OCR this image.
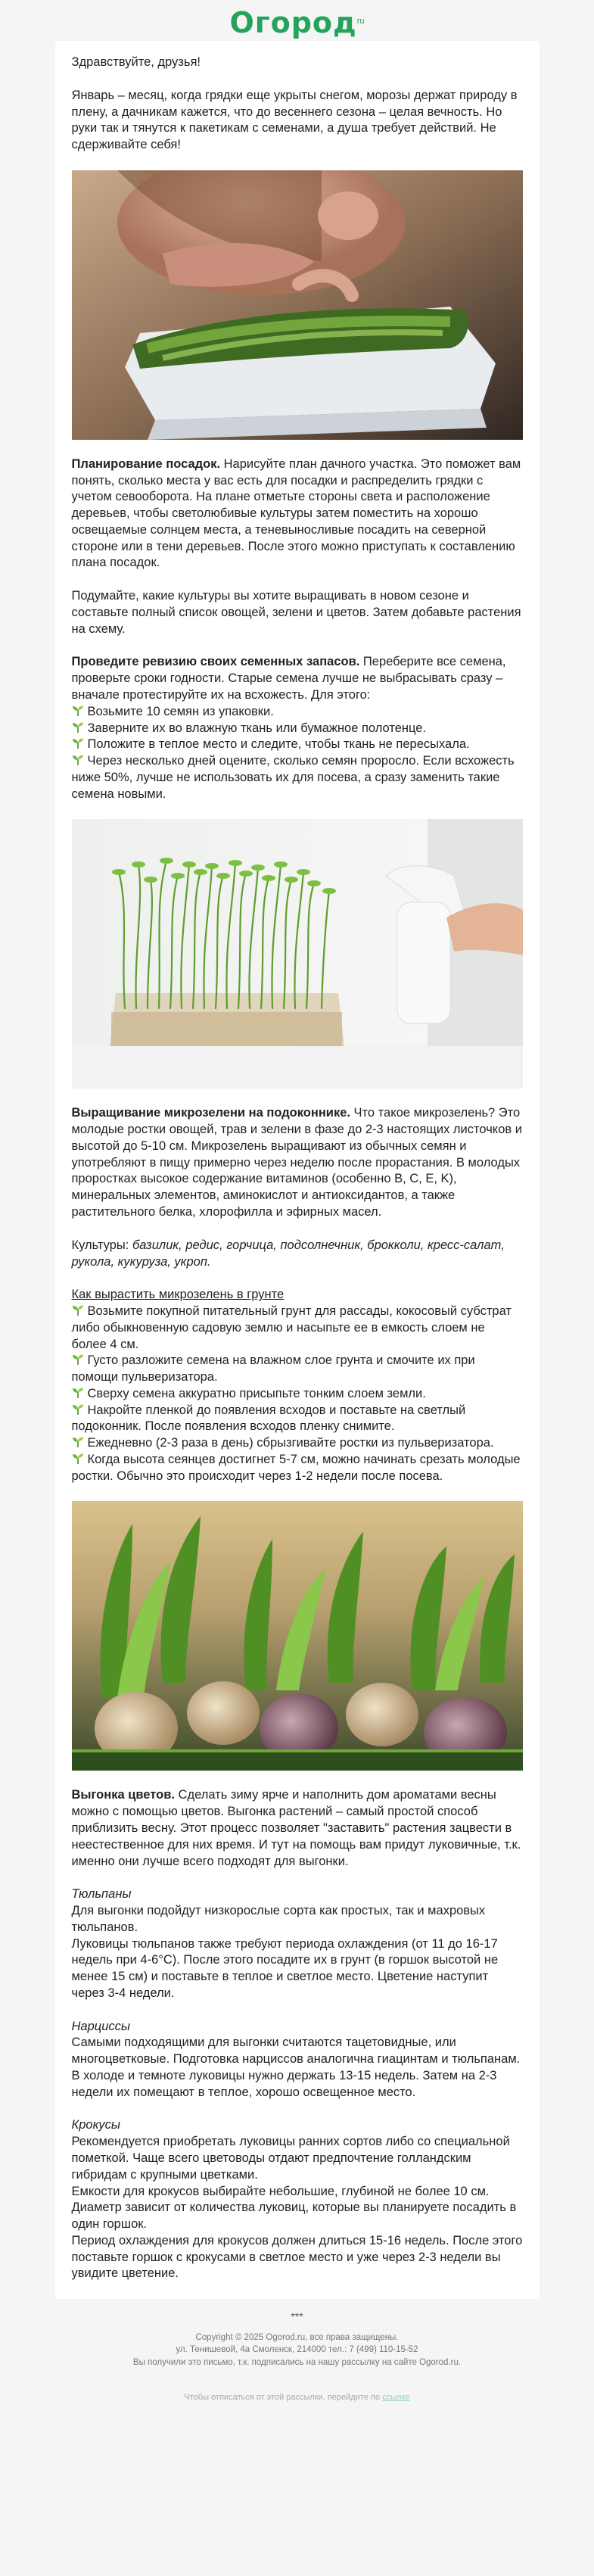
Огород$^{ru}$

Здравствуйте, друзья!

Январь – месяц, когда грядки еще укрыты снегом, морозы держат природу в плену, а дачникам кажется, что до весеннего сезона – целая вечность. Но руки так и тянутся к пакетикам с семенами, а душа требует действий. Не сдерживайте себя!

Планирование посадок. Нарисуйте план дачного участка. Это поможет вам понять, сколько места у вас есть для посадки и распределить грядки с учетом севооборота. На плане отметьте стороны света и расположение деревьев, чтобы светолюбивые культуры затем поместить на хорошо освещаемые солнцем места, а теневыносливые посадить на северной стороне или в тени деревьев. После этого можно приступать к составлению плана посадок.

Подумайте, какие культуры вы хотите выращивать в новом сезоне и составьте полный список овощей, зелени и цветов. Затем добавьте растения на схему.

Проведите ревизию своих семенных запасов. Переберите все семена, проверьте сроки годности. Старые семена лучше не выбрасывать сразу – вначале протестируйте их на всхожесть. Для этого:

Возьмите 10 семян из упаковки.
Заверните их во влажную ткань или бумажное полотенце.
Положите в теплое место и следите, чтобы ткань не пересыхала.
Через несколько дней оцените, сколько семян проросло. Если всхожесть ниже 50%, лучше не использовать их для посева, а сразу заменить такие семена новыми.

Выращивание микрозелени на подоконнике. Что такое микрозелень? Это молодые ростки овощей, трав и зелени в фазе до 2-3 настоящих листочков и высотой до 5-10 см. Микрозелень выращивают из обычных семян и употребляют в пищу примерно через неделю после прорастания. В молодых проростках высокое содержание витаминов (особенно B, C, E, K), минеральных элементов, аминокислот и антиоксидантов, а также растительного белка, хлорофилла и эфирных масел.

Культуры: базилик, редис, горчица, подсолнечник, брокколи, кресс-салат, рукола, кукуруза, укроп.

Как вырастить микрозелень в грунте
Возьмите покупной питательный грунт для рассады, кокосовый субстрат либо обыкновенную садовую землю и насыпьте ее в емкость слоем не более 4 см.
Густо разложите семена на влажном слое грунта и смочите их при помощи пульверизатора.
Сверху семена аккуратно присыпьте тонким слоем земли.
Накройте пленкой до появления всходов и поставьте на светлый подоконник. После появления всходов пленку снимите.
Ежедневно (2-3 раза в день) сбрызгивайте ростки из пульверизатора.
Когда высота сеянцев достигнет 5-7 см, можно начинать срезать молодые ростки. Обычно это происходит через 1-2 недели после посева.

Выгонка цветов. Сделать зиму ярче и наполнить дом ароматами весны можно с помощью цветов. Выгонка растений – самый простой способ приблизить весну. Этот процесс позволяет "заставить" растения зацвести в неестественное для них время. И тут на помощь вам придут луковичные, т.к. именно они лучше всего подходят для выгонки.

Тюльпаны

Для выгонки подойдут низкорослые сорта как простых, так и махровых тюльпанов.
Луковицы тюльпанов также требуют периода охлаждения (от 11 до 16-17 недель при 4-6°С). После этого посадите их в грунт (в горшок высотой не менее 15 см) и поставьте в теплое и светлое место. Цветение наступит через 3-4 недели.

Нарциссы

Самыми подходящими для выгонки считаются тацетовидные, или многоцветковые. Подготовка нарциссов аналогична гиацинтам и тюльпанам. В холоде и темноте луковицы нужно держать 13-15 недель. Затем на 2-3 недели их помещают в теплое, хорошо освещенное место.

Крокусы

Рекомендуется приобретать луковицы ранних сортов либо со специальной пометкой. Чаще всего цветоводы отдают предпочтение голландским гибридам с крупными цветками.
Емкости для крокусов выбирайте небольшие, глубиной не более 10 см. Диаметр зависит от количества луковиц, которые вы планируете посадить в один горшок.
Период охлаждения для крокусов должен длиться 15-16 недель. После этого поставьте горшок с крокусами в светлое место и уже через 2-3 недели вы увидите цветение.

***
Copyright © 2025 Ogorod.ru, все права защищены.
ул. Тенишевой, 4а Смоленск, 214000 тел.: 7 (499) 110-15-52
Вы получили это письмо, т.к. подписались на нашу рассылку на сайте Ogorod.ru.
Чтобы отписаться от этой рассылки, перейдите по ссылке
